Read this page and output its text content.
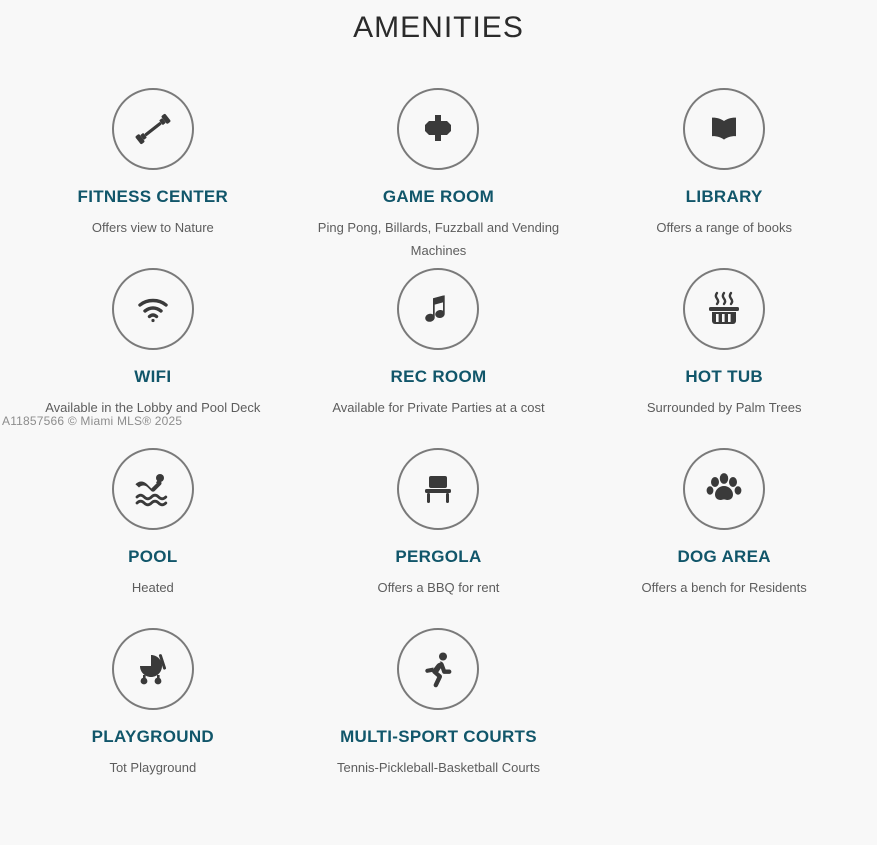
AMENITIES
FITNESS CENTER
Offers view to Nature
GAME ROOM
Ping Pong, Billards, Fuzzball and Vending Machines
LIBRARY
Offers a range of books
WIFI
Available in the Lobby and Pool Deck
REC ROOM
Available for Private Parties at a cost
HOT TUB
Surrounded by Palm Trees
POOL
Heated
PERGOLA
Offers a BBQ for rent
DOG AREA
Offers a bench for Residents
PLAYGROUND
Tot Playground
MULTI-SPORT COURTS
Tennis-Pickleball-Basketball Courts
A11857566 © Miami MLS® 2025
